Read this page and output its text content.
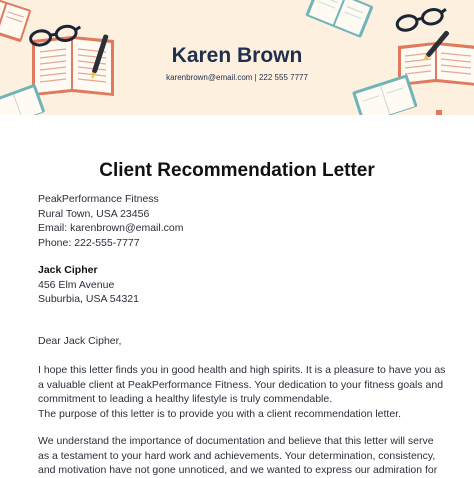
Karen Brown
karenbrown@email.com | 222 555 7777
Client Recommendation Letter
PeakPerformance Fitness
Rural Town, USA 23456
Email: karenbrown@email.com
Phone: 222-555-7777
Jack Cipher
456 Elm Avenue
Suburbia, USA 54321
Dear Jack Cipher,
I hope this letter finds you in good health and high spirits. It is a pleasure to have you as
a valuable client at PeakPerformance Fitness. Your dedication to your fitness goals and
commitment to leading a healthy lifestyle is truly commendable.
The purpose of this letter is to provide you with a client recommendation letter.
We understand the importance of documentation and believe that this letter will serve
as a testament to your hard work and achievements. Your determination, consistency,
and motivation have not gone unnoticed, and we wanted to express our admiration for
